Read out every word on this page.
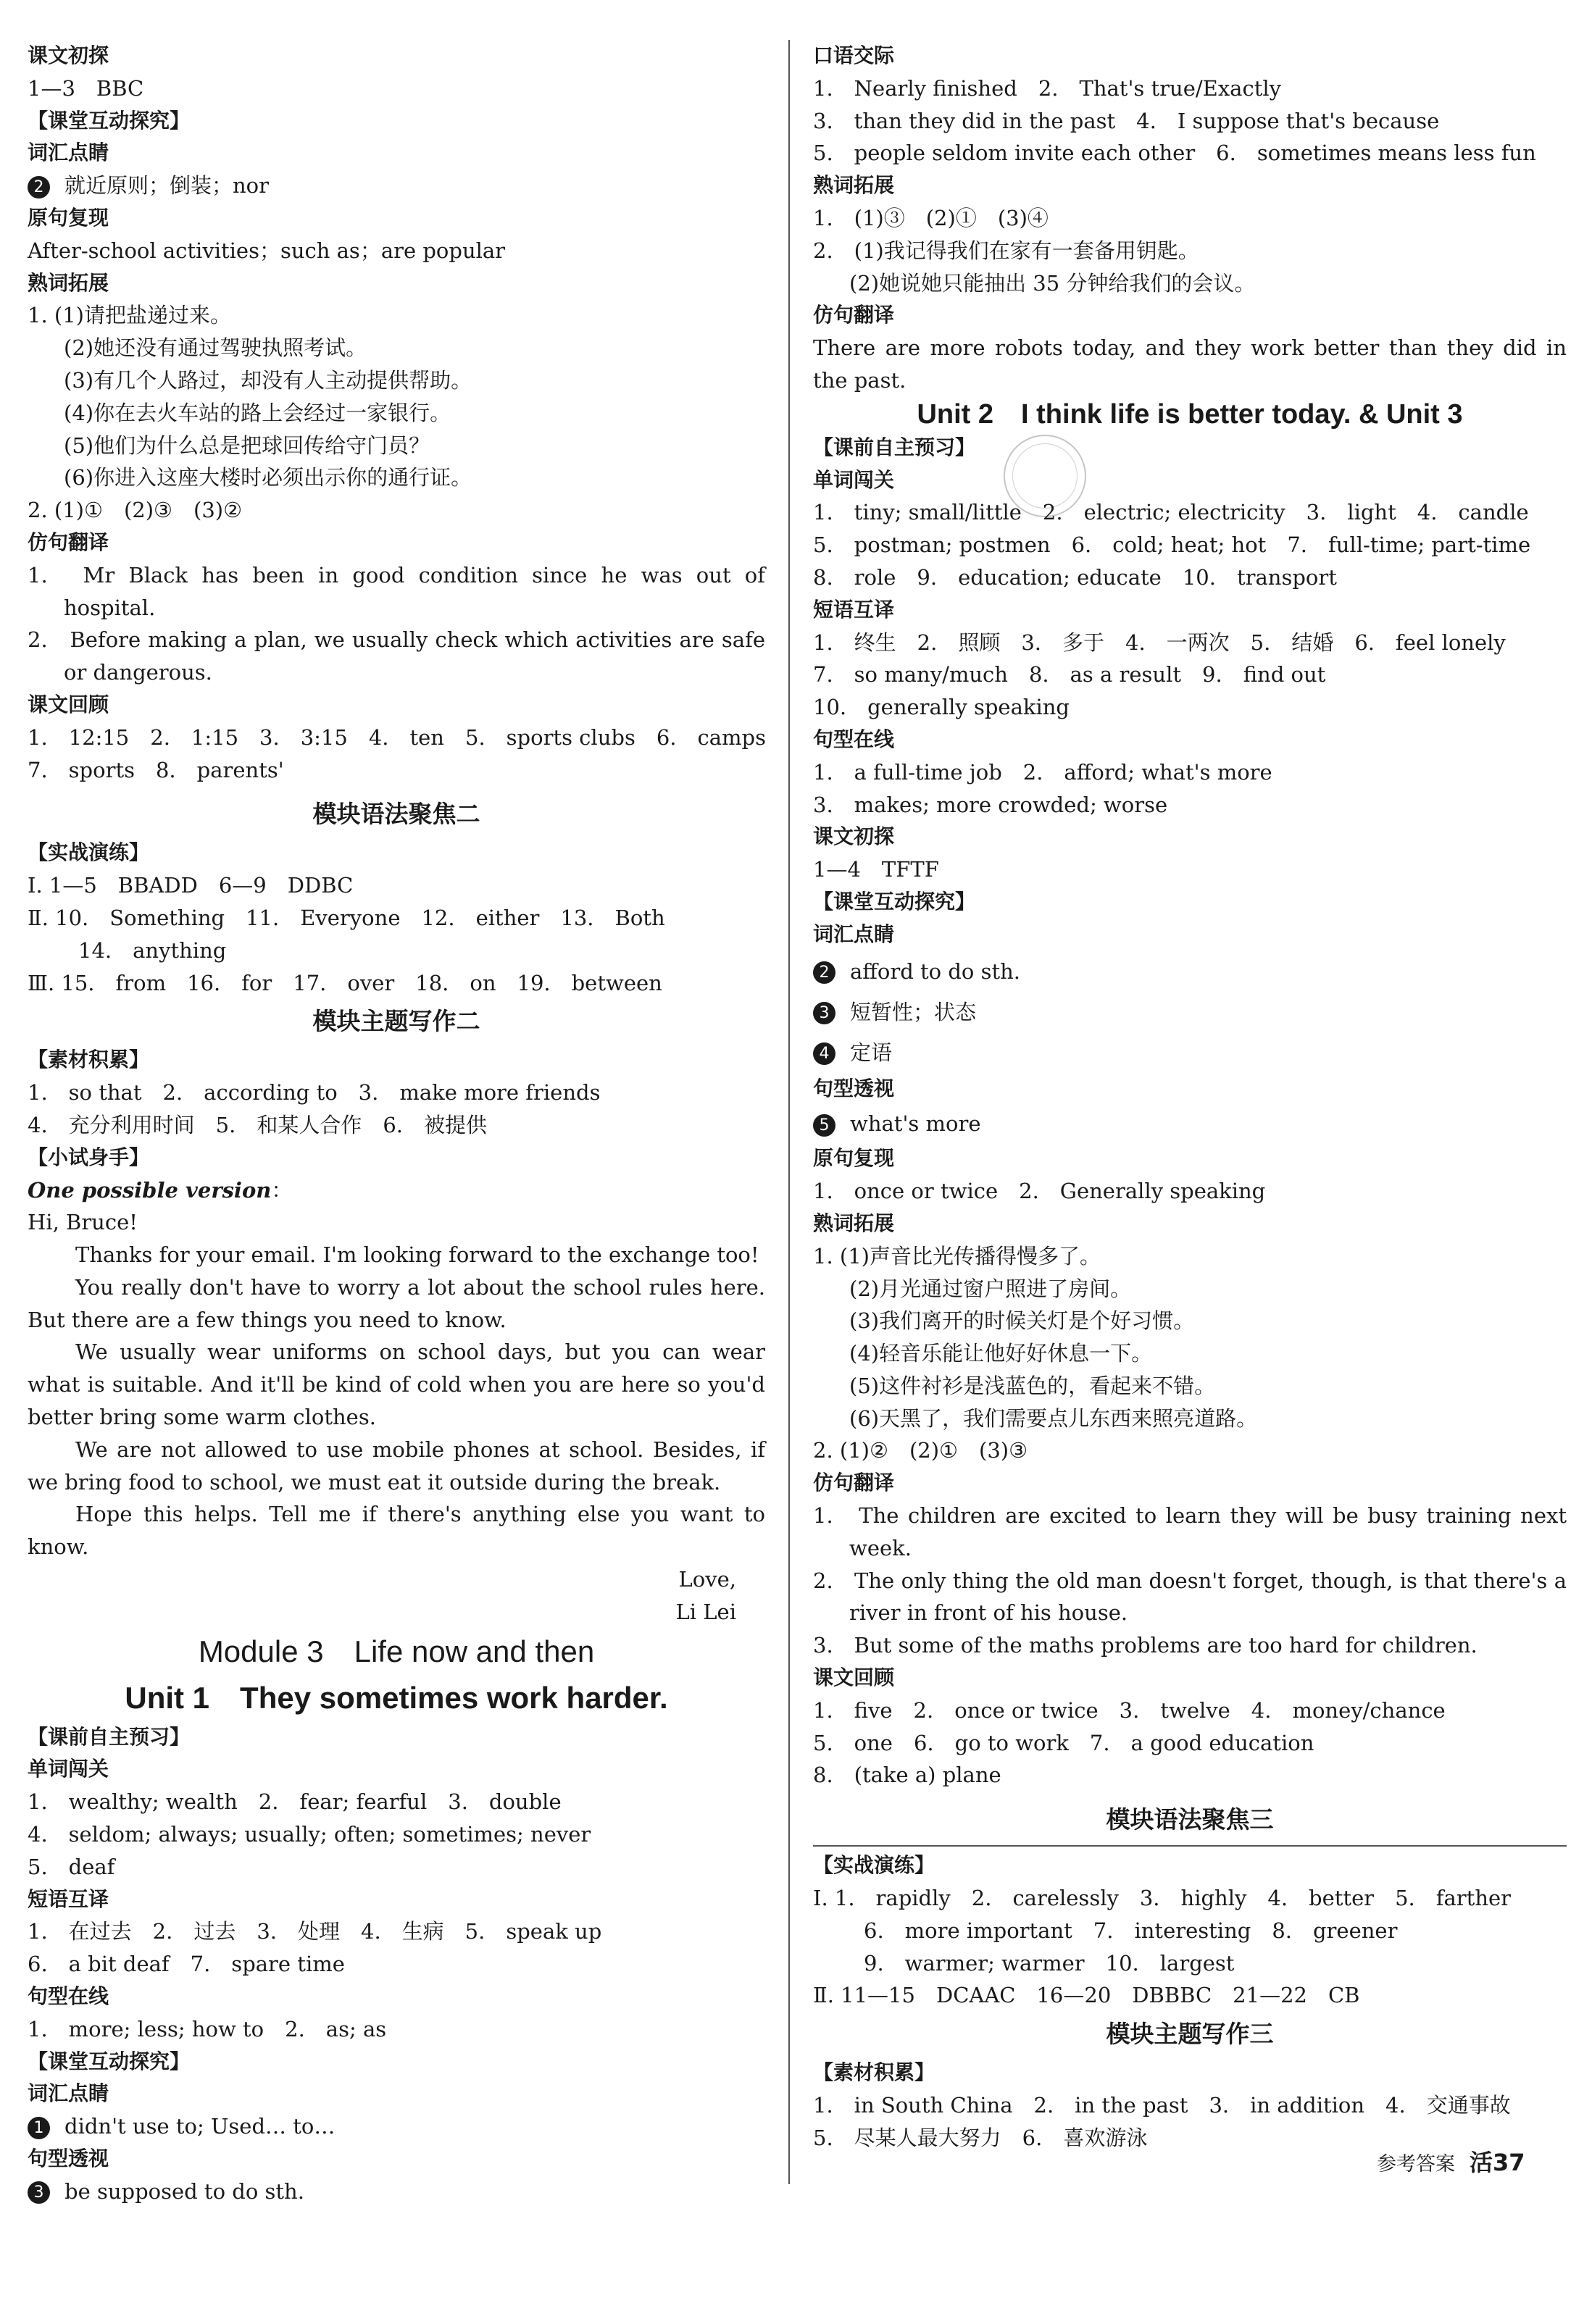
课文初探
1—3　BBC
【课堂互动探究】
词汇点睛
2 就近原则；倒装；nor
原句复现
After-school activities；such as；are popular
熟词拓展
1. (1)请把盐递过来。
(2)她还没有通过驾驶执照考试。
(3)有几个人路过，却没有人主动提供帮助。
(4)你在去火车站的路上会经过一家银行。
(5)他们为什么总是把球回传给守门员？
(6)你进入这座大楼时必须出示你的通行证。
2. (1)①　(2)③　(3)②
仿句翻译
1.　Mr Black has been in good condition since he was out of hospital.
2.　Before making a plan, we usually check which activities are safe or dangerous.
课文回顾
1.　12:15　2.　1:15　3.　3:15　4.　ten　5.　sports clubs　6.　camps
7.　sports　8.　parents'
模块语法聚焦二
【实战演练】
Ⅰ. 1—5　BBADD　6—9　DDBC
Ⅱ. 10.　Something　11.　Everyone　12.　either　13.　Both
14.　anything
Ⅲ. 15.　from　16.　for　17.　over　18.　on　19.　between
模块主题写作二
【素材积累】
1.　so that　2.　according to　3.　make more friends
4.　充分利用时间　5.　和某人合作　6.　被提供
【小试身手】
One possible version：
Hi, Bruce!
Thanks for your email. I'm looking forward to the exchange too!
You really don't have to worry a lot about the school rules here. But there are a few things you need to know.
We usually wear uniforms on school days, but you can wear what is suitable. And it'll be kind of cold when you are here so you'd better bring some warm clothes.
We are not allowed to use mobile phones at school. Besides, if we bring food to school, we must eat it outside during the break.
Hope this helps. Tell me if there's anything else you want to know.
Love,
Li Lei
Module 3　Life now and then
Unit 1　They sometimes work harder.
【课前自主预习】
单词闯关
1.　wealthy; wealth　2.　fear; fearful　3.　double
4.　seldom; always; usually; often; sometimes; never
5.　deaf
短语互译
1.　在过去　2.　过去　3.　处理　4.　生病　5.　speak up
6.　a bit deaf　7.　spare time
句型在线
1.　more; less; how to　2.　as; as
【课堂互动探究】
词汇点睛
1 didn't use to; Used… to…
句型透视
3 be supposed to do sth.
口语交际
1.　Nearly finished　2.　That's true/Exactly
3.　than they did in the past　4.　I suppose that's because
5.　people seldom invite each other　6.　sometimes means less fun
熟词拓展
1.　(1)③　(2)①　(3)④
2.　(1)我记得我们在家有一套备用钥匙。
(2)她说她只能抽出 35 分钟给我们的会议。
仿句翻译
There are more robots today, and they work better than they did in the past.
Unit 2　I think life is better today. & Unit 3
【课前自主预习】
单词闯关
1.　tiny; small/little　2.　electric; electricity　3.　light　4.　candle
5.　postman; postmen　6.　cold; heat; hot　7.　full-time; part-time
8.　role　9.　education; educate　10.　transport
短语互译
1.　终生　2.　照顾　3.　多于　4.　一两次　5.　结婚　6.　feel lonely
7.　so many/much　8.　as a result　9.　find out
10.　generally speaking
句型在线
1.　a full-time job　2.　afford; what's more
3.　makes; more crowded; worse
课文初探
1—4　TFTF
【课堂互动探究】
词汇点睛
2 afford to do sth.
3 短暂性；状态
4 定语
句型透视
5 what's more
原句复现
1.　once or twice　2.　Generally speaking
熟词拓展
1. (1)声音比光传播得慢多了。
(2)月光通过窗户照进了房间。
(3)我们离开的时候关灯是个好习惯。
(4)轻音乐能让他好好休息一下。
(5)这件衬衫是浅蓝色的，看起来不错。
(6)天黑了，我们需要点儿东西来照亮道路。
2. (1)②　(2)①　(3)③
仿句翻译
1.　The children are excited to learn they will be busy training next week.
2.　The only thing the old man doesn't forget, though, is that there's a river in front of his house.
3.　But some of the maths problems are too hard for children.
课文回顾
1.　five　2.　once or twice　3.　twelve　4.　money/chance
5.　one　6.　go to work　7.　a good education
8.　(take a) plane
模块语法聚焦三
【实战演练】
Ⅰ. 1.　rapidly　2.　carelessly　3.　highly　4.　better　5.　farther
6.　more important　7.　interesting　8.　greener
9.　warmer; warmer　10.　largest
Ⅱ. 11—15　DCAAC　16—20　DBBBC　21—22　CB
模块主题写作三
【素材积累】
1.　in South China　2.　in the past　3.　in addition　4.　交通事故
5.　尽某人最大努力　6.　喜欢游泳
参考答案 活37
